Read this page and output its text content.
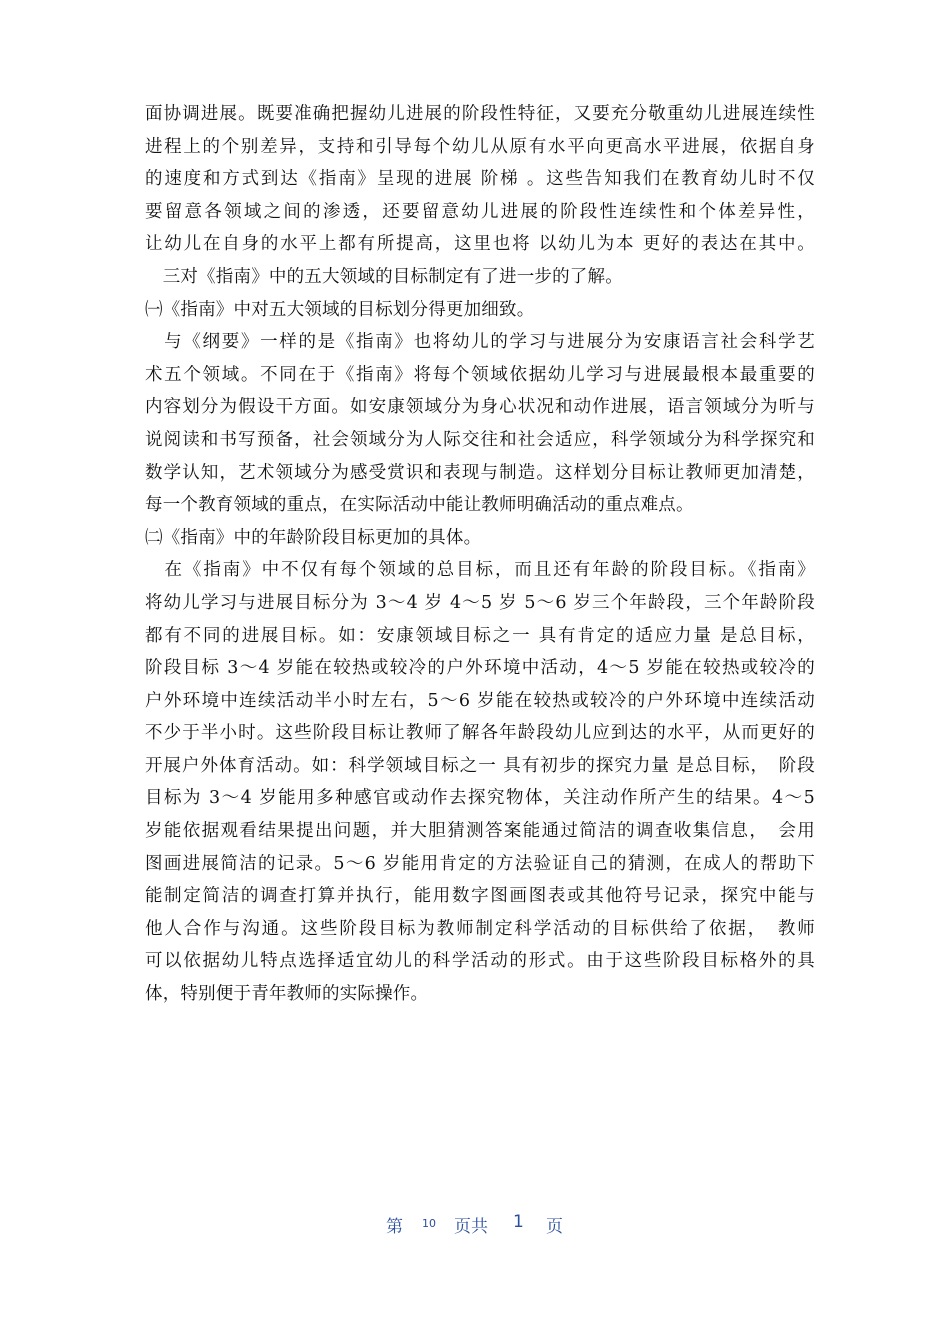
面协调进展。既要准确把握幼儿进展的阶段性特征，又要充分敬重幼儿进展连续性
进程上的个别差异，支持和引导每个幼儿从原有水平向更高水平进展，依据自身
的速度和方式到达《指南》呈现的进展 阶梯 。这些告知我们在教育幼儿时不仅
要留意各领域之间的渗透，还要留意幼儿进展的阶段性连续性和个体差异性，
让幼儿在自身的水平上都有所提高，这里也将 以幼儿为本 更好的表达在其中。
　三对《指南》中的五大领域的目标制定有了进一步的了解。
㈠《指南》中对五大领域的目标划分得更加细致。
　与《纲要》一样的是《指南》也将幼儿的学习与进展分为安康语言社会科学艺
术五个领域。不同在于《指南》将每个领域依据幼儿学习与进展最根本最重要的
内容划分为假设干方面。如安康领域分为身心状况和动作进展，语言领域分为听与
说阅读和书写预备，社会领域分为人际交往和社会适应，科学领域分为科学探究和
数学认知，艺术领域分为感受赏识和表现与制造。这样划分目标让教师更加清楚，
每一个教育领域的重点，在实际活动中能让教师明确活动的重点难点。
㈡《指南》中的年龄阶段目标更加的具体。
　在《指南》中不仅有每个领域的总目标，而且还有年龄的阶段目标。《指南》
将幼儿学习与进展目标分为 3～4 岁 4～5 岁 5～6 岁三个年龄段，三个年龄阶段
都有不同的进展目标。如：安康领域目标之一 具有肯定的适应力量 是总目标，
阶段目标 3～4 岁能在较热或较冷的户外环境中活动，4～5 岁能在较热或较冷的
户外环境中连续活动半小时左右，5～6 岁能在较热或较冷的户外环境中连续活动
不少于半小时。这些阶段目标让教师了解各年龄段幼儿应到达的水平，从而更好的
开展户外体育活动。如：科学领域目标之一 具有初步的探究力量 是总目标，　阶段
目标为 3～4 岁能用多种感官或动作去探究物体，关注动作所产生的结果。4～5
岁能依据观看结果提出问题，并大胆猜测答案能通过简洁的调查收集信息，　会用
图画进展简洁的记录。5～6 岁能用肯定的方法验证自己的猜测，在成人的帮助下
能制定简洁的调查打算并执行，能用数字图画图表或其他符号记录，探究中能与
他人合作与沟通。这些阶段目标为教师制定科学活动的目标供给了依据，　教师
可以依据幼儿特点选择适宜幼儿的科学活动的形式。由于这些阶段目标格外的具
体，特别便于青年教师的实际操作。
第 10 页共 1 页
